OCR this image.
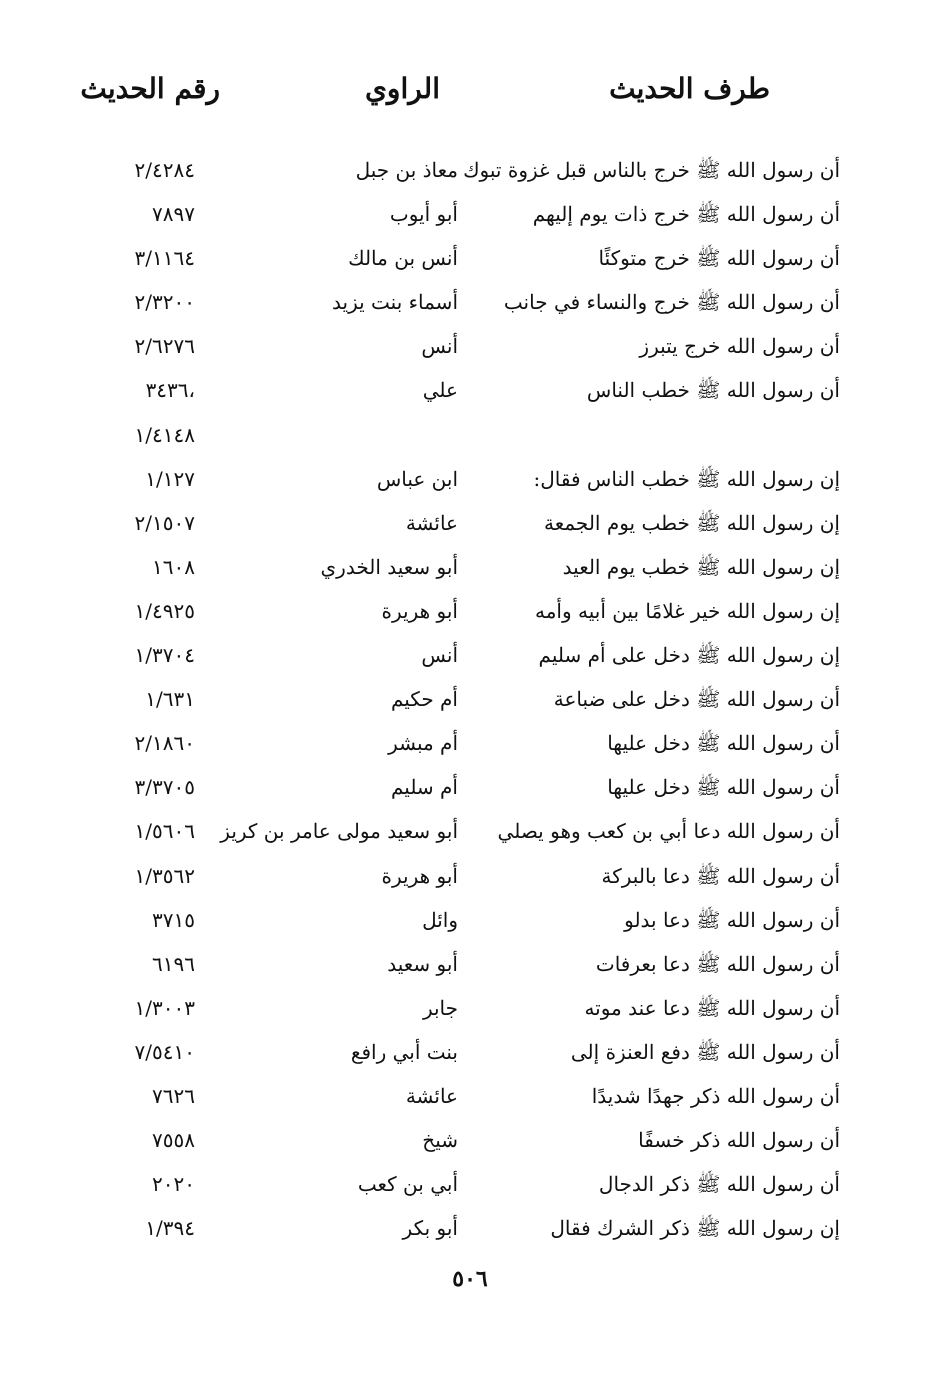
طرف الحديث
الراوي
رقم الحديث
أن رسول الله ﷺ خرج بالناس قبل غزوة تبوك
معاذ بن جبل
٢/٤٢٨٤
أن رسول الله ﷺ خرج ذات يوم إليهم
أبو أيوب
٧٨٩٧
أن رسول الله ﷺ خرج متوكئًا
أنس بن مالك
٣/١١٦٤
أن رسول الله ﷺ خرج والنساء في جانب
أسماء بنت يزيد
٢/٣٢٠٠
أن رسول الله خرج يتبرز
أنس
٢/٦٢٧٦
أن رسول الله ﷺ خطب الناس
علي
٣٤٣٦،
١/٤١٤٨
إن رسول الله ﷺ خطب الناس فقال:
ابن عباس
١/١٢٧
إن رسول الله ﷺ خطب يوم الجمعة
عائشة
٢/١٥٠٧
إن رسول الله ﷺ خطب يوم العيد
أبو سعيد الخدري
١٦٠٨
إن رسول الله خير غلامًا بين أبيه وأمه
أبو هريرة
١/٤٩٢٥
إن رسول الله ﷺ دخل على أم سليم
أنس
١/٣٧٠٤
أن رسول الله ﷺ دخل على ضباعة
أم حكيم
١/٦٣١
أن رسول الله ﷺ دخل عليها
أم مبشر
٢/١٨٦٠
أن رسول الله ﷺ دخل عليها
أم سليم
٣/٣٧٠٥
أن رسول الله دعا أبي بن كعب وهو يصلي
أبو سعيد مولى عامر بن كريز
١/٥٦٠٦
أن رسول الله ﷺ دعا بالبركة
أبو هريرة
١/٣٥٦٢
أن رسول الله ﷺ دعا بدلو
وائل
٣٧١٥
أن رسول الله ﷺ دعا بعرفات
أبو سعيد
٦١٩٦
أن رسول الله ﷺ دعا عند موته
جابر
١/٣٠٠٣
أن رسول الله ﷺ دفع العنزة إلى
بنت أبي رافع
٧/٥٤١٠
أن رسول الله ذكر جهدًا شديدًا
عائشة
٧٦٢٦
أن رسول الله ذكر خسفًا
شيخ
٧٥٥٨
أن رسول الله ﷺ ذكر الدجال
أبي بن كعب
٢٠٢٠
إن رسول الله ﷺ ذكر الشرك فقال
أبو بكر
١/٣٩٤
٥٠٦
